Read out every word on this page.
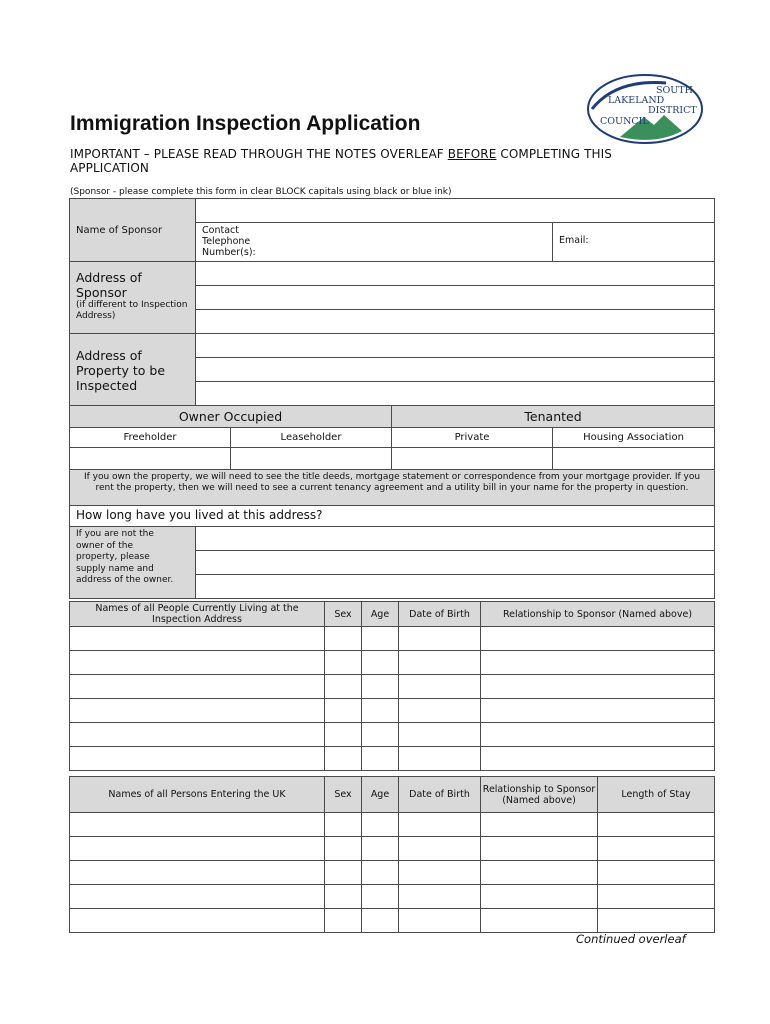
SOUTH
LAKELAND
DISTRICT
COUNCIL
Immigration Inspection Application
IMPORTANT – PLEASE READ THROUGH THE NOTES OVERLEAF BEFORE COMPLETING THIS APPLICATION
(Sponsor - please complete this form in clear BLOCK capitals using black or blue ink)
Name of Sponsor				

	Contact Telephone Number(s):			Email:

Address of Sponsor
(if different to Inspection Address)				

Address of Property to be Inspected				

Owner Occupied			Tenanted	
Freeholder		Leaseholder	Private	Housing Association

If you own the property, we will need to see the title deeds, mortgage statement or correspondence from your mortgage provider. If you rent the property, then we will need to see a current tenancy agreement and a utility bill in your name for the property in question.				
How long have you lived at this address?				

If you are not the owner of the property, please supply name and address of the owner.				

Names of all People Currently Living at the Inspection Address	Sex	Age	Date of Birth	Relationship to Sponsor (Named above)

Names of all Persons Entering the UK	Sex	Age	Date of Birth	Relationship to Sponsor (Named above)	Length of Stay

Continued overleaf
